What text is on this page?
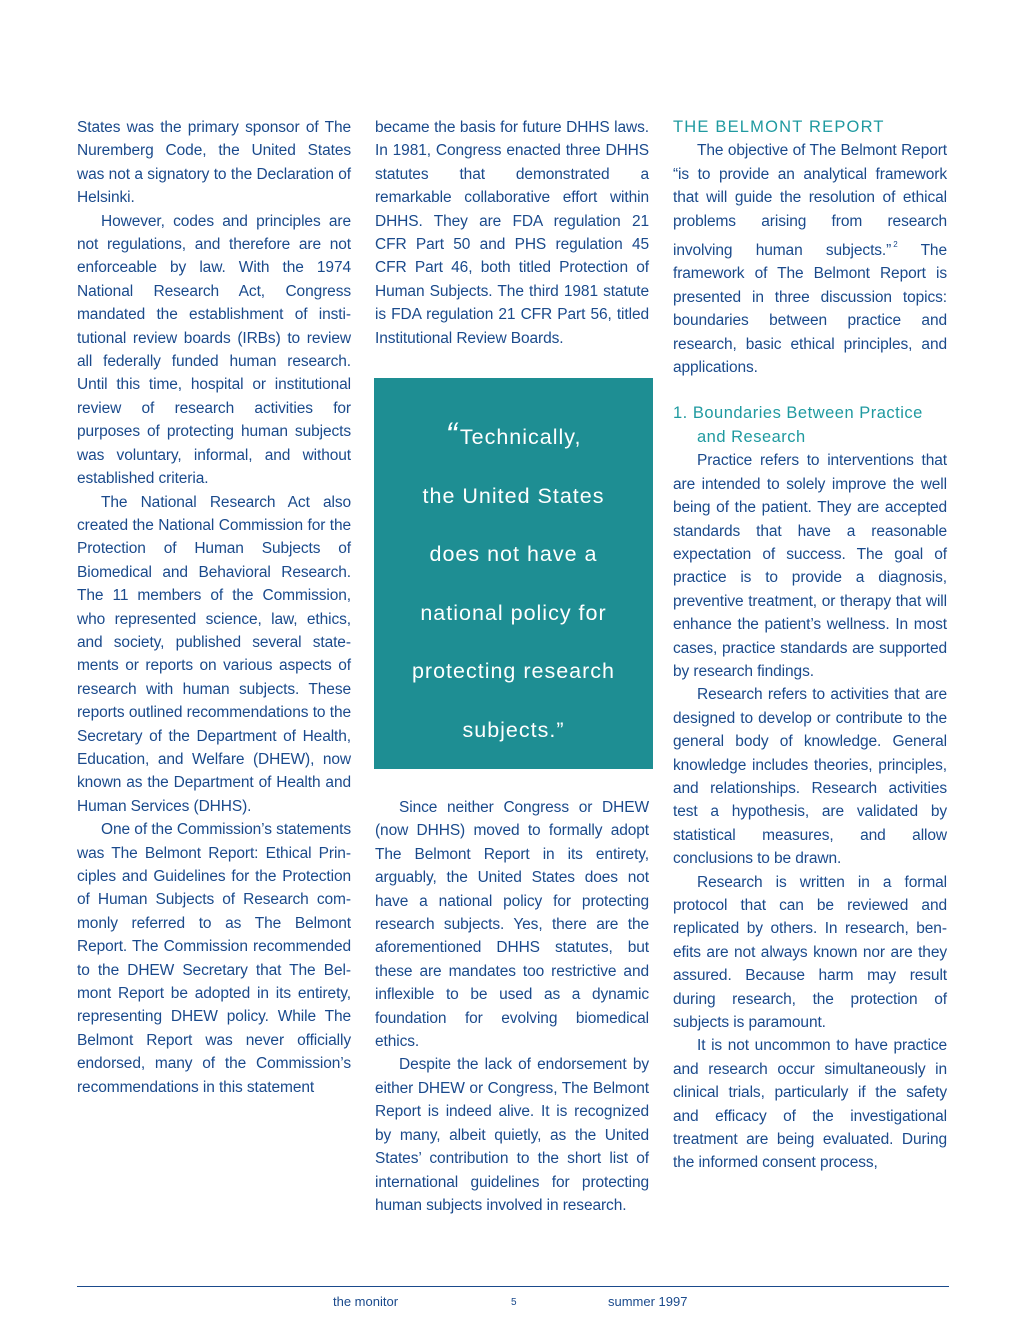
States was the primary sponsor of The Nuremberg Code, the United States was not a signatory to the Declaration of Helsinki.

However, codes and principles are not regulations, and therefore are not enforceable by law. With the 1974 National Research Act, Congress mandated the establishment of institutional review boards (IRBs) to review all federally funded human research. Until this time, hospital or institutional review of research activities for purposes of protecting human subjects was voluntary, informal, and without established criteria.

The National Research Act also created the National Commission for the Protection of Human Subjects of Biomedical and Behavioral Research. The 11 members of the Commission, who represented science, law, ethics, and society, published several statements or reports on various aspects of research with human subjects. These reports outlined recommendations to the Secretary of the Department of Health, Education, and Welfare (DHEW), now known as the Department of Health and Human Services (DHHS).

One of the Commission’s statements was The Belmont Report: Ethical Principles and Guidelines for the Protection of Human Subjects of Research commonly referred to as The Belmont Report. The Commission recommended to the DHEW Secretary that The Belmont Report be adopted in its entirety, representing DHEW policy. While The Belmont Report was never officially endorsed, many of the Commission’s recommendations in this statement

became the basis for future DHHS laws. In 1981, Congress enacted three DHHS statutes that demonstrated a remarkable collaborative effort within DHHS. They are FDA regulation 21 CFR Part 50 and PHS regulation 45 CFR Part 46, both titled Protection of Human Subjects. The third 1981 statute is FDA regulation 21 CFR Part 56, titled Institutional Review Boards.

“Technically,
the United States
does not have a
national policy for
protecting research
subjects.”

Since neither Congress or DHEW (now DHHS) moved to formally adopt The Belmont Report in its entirety, arguably, the United States does not have a national policy for protecting research subjects. Yes, there are the aforementioned DHHS statutes, but these are mandates too restrictive and inflexible to be used as a dynamic foundation for evolving biomedical ethics.

Despite the lack of endorsement by either DHEW or Congress, The Belmont Report is indeed alive. It is recognized by many, albeit quietly, as the United States’ contribution to the short list of international guidelines for protecting human subjects involved in research.

THE BELMONT REPORT

The objective of The Belmont Report “is to provide an analytical framework that will guide the resolution of ethical problems arising from research involving human subjects.” $^2$ The framework of The Belmont Report is presented in three discussion topics: boundaries between practice and research, basic ethical principles, and applications.

1. Boundaries Between Practice
and Research

Practice refers to interventions that are intended to solely improve the well being of the patient. They are accepted standards that have a reasonable expectation of success. The goal of practice is to provide a diagnosis, preventive treatment, or therapy that will enhance the patient’s wellness. In most cases, practice standards are supported by research findings.

Research refers to activities that are designed to develop or contribute to the general body of knowledge. General knowledge includes theories, principles, and relationships. Research activities test a hypothesis, are validated by statistical measures, and allow conclusions to be drawn.

Research is written in a formal protocol that can be reviewed and replicated by others. In research, benefits are not always known nor are they assured. Because harm may result during research, the protection of subjects is paramount.

It is not uncommon to have practice and research occur simultaneously in clinical trials, particularly if the safety and efficacy of the investigational treatment are being evaluated. During the informed consent process,

the monitor	5	summer 1997
